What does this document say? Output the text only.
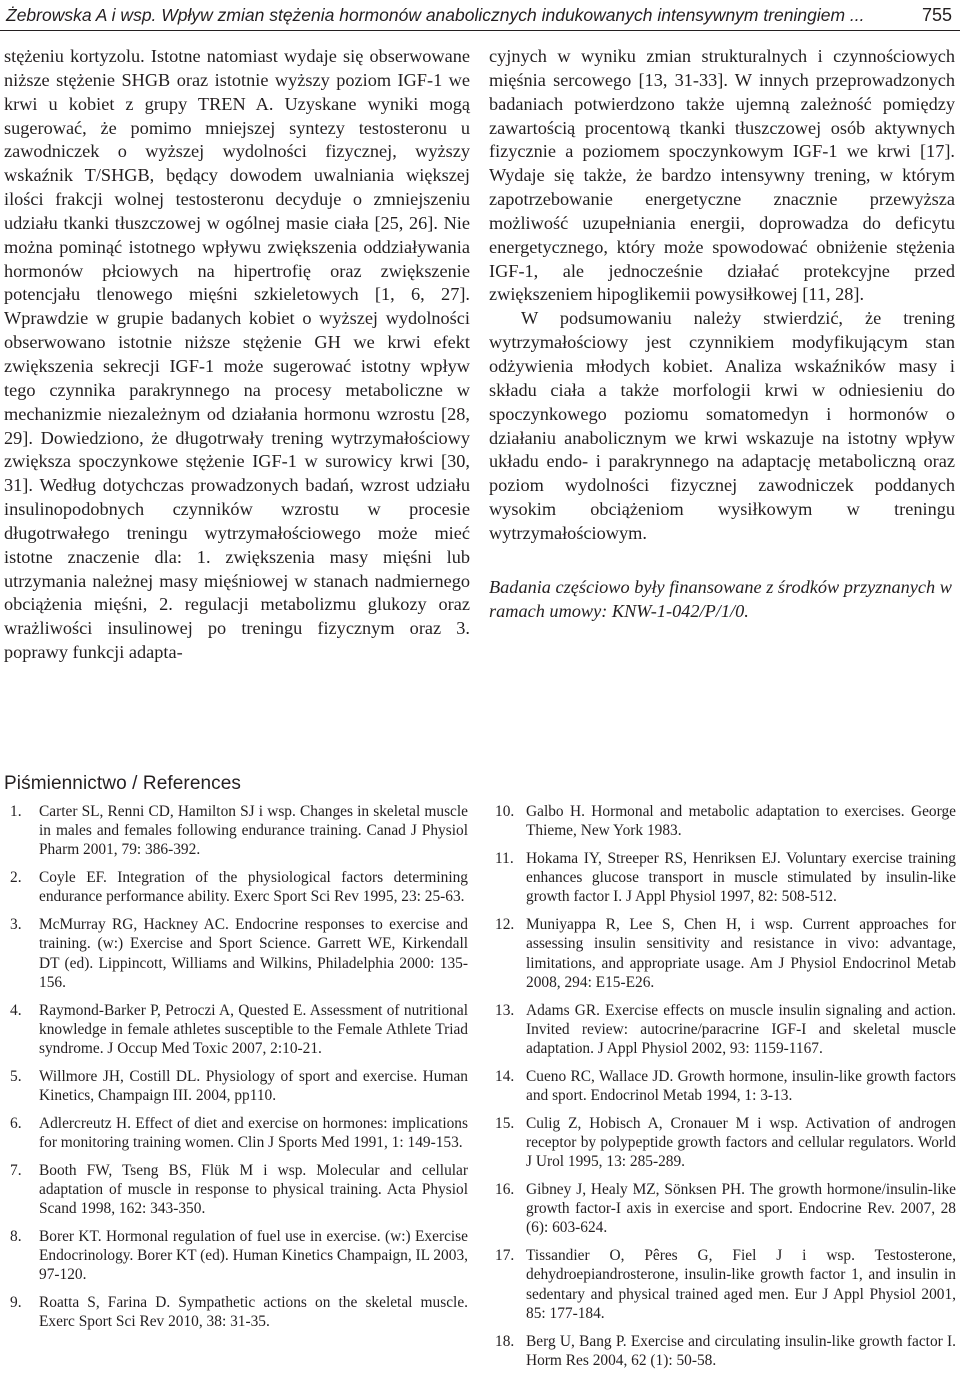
Żebrowska A i wsp. Wpływ zmian stężenia hormonów anabolicznych indukowanych intensywnym treningiem ...	755

stężeniu kortyzolu. Istotne natomiast wydaje się obserwowane niższe stężenie SHGB oraz istotnie wyższy poziom IGF-1 we krwi u kobiet z grupy TREN A. Uzyskane wyniki mogą sugerować, że pomimo mniejszej syntezy testosteronu u zawodniczek o wyższej wydolności fizycznej, wyższy wskaźnik T/SHGB, będący dowodem uwalniania większej ilości frakcji wolnej testosteronu decyduje o zmniejszeniu udziału tkanki tłuszczowej w ogólnej masie ciała [25, 26]. Nie można pominąć istotnego wpływu zwiększenia oddziaływania hormonów płciowych na hipertrofię oraz zwiększenie potencjału tlenowego mięśni szkieletowych [1, 6, 27]. Wprawdzie w grupie badanych kobiet o wyższej wydolności obserwowano istotnie niższe stężenie GH we krwi efekt zwiększenia sekrecji IGF-1 może sugerować istotny wpływ tego czynnika parakrynnego na procesy metaboliczne w mechanizmie niezależnym od działania hormonu wzrostu [28, 29]. Dowiedziono, że długotrwały trening wytrzymałościowy zwiększa spoczynkowe stężenie IGF-1 w surowicy krwi [30, 31]. Według dotychczas prowadzonych badań, wzrost udziału insulinopodobnych czynników wzrostu w procesie długotrwałego treningu wytrzymałościowego może mieć istotne znaczenie dla: 1. zwiększenia masy mięśni lub utrzymania należnej masy mięśniowej w stanach nadmiernego obciążenia mięśni, 2. regulacji metabolizmu glukozy oraz wrażliwości insulinowej po treningu fizycznym oraz 3. poprawy funkcji adapta-

cyjnych w wyniku zmian strukturalnych i czynnościowych mięśnia sercowego [13, 31-33]. W innych przeprowadzonych badaniach potwierdzono także ujemną zależność pomiędzy zawartością procentową tkanki tłuszczowej osób aktywnych fizycznie a poziomem spoczynkowym IGF-1 we krwi [17]. Wydaje się także, że bardzo intensywny trening, w którym zapotrzebowanie energetyczne znacznie przewyższa możliwość uzupełniania energii, doprowadza do deficytu energetycznego, który może spowodować obniżenie stężenia IGF-1, ale jednocześnie działać protekcyjne przed zwiększeniem hipoglikemii powysiłkowej [11, 28].

W podsumowaniu należy stwierdzić, że trening wytrzymałościowy jest czynnikiem modyfikującym stan odżywienia młodych kobiet. Analiza wskaźników masy i składu ciała a także morfologii krwi w odniesieniu do spoczynkowego poziomu somatomedyn i hormonów o działaniu anabolicznym we krwi wskazuje na istotny wpływ układu endo- i parakrynnego na adaptację metaboliczną oraz poziom wydolności fizycznej zawodniczek poddanych wysokim obciążeniom wysiłkowym w treningu wytrzymałościowym.

Badania częściowo były finansowane z środków przyznanych w ramach umowy: KNW-1-042/P/1/0.

Piśmiennictwo / References
1. Carter SL, Renni CD, Hamilton SJ i wsp. Changes in skeletal muscle in males and females following endurance training. Canad J Physiol Pharm 2001, 79: 386-392.
2. Coyle EF. Integration of the physiological factors determining endurance performance ability. Exerc Sport Sci Rev 1995, 23: 25-63.
3. McMurray RG, Hackney AC. Endocrine responses to exercise and training. (w:) Exercise and Sport Science. Garrett WE, Kirkendall DT (ed). Lippincott, Williams and Wilkins, Philadelphia 2000: 135-156.
4. Raymond-Barker P, Petroczi A, Quested E. Assessment of nutritional knowledge in female athletes susceptible to the Female Athlete Triad syndrome. J Occup Med Toxic 2007, 2:10-21.
5. Willmore JH, Costill DL. Physiology of sport and exercise. Human Kinetics, Champaign III. 2004, pp110.
6. Adlercreutz H. Effect of diet and exercise on hormones: implications for monitoring training women. Clin J Sports Med 1991, 1: 149-153.
7. Booth FW, Tseng BS, Flük M i wsp. Molecular and cellular adaptation of muscle in response to physical training. Acta Physiol Scand 1998, 162: 343-350.
8. Borer KT. Hormonal regulation of fuel use in exercise. (w:) Exercise Endocrinology. Borer KT (ed). Human Kinetics Champaign, IL 2003, 97-120.
9. Roatta S, Farina D. Sympathetic actions on the skeletal muscle. Exerc Sport Sci Rev 2010, 38: 31-35.
10. Galbo H. Hormonal and metabolic adaptation to exercises. George Thieme, New York 1983.
11. Hokama IY, Streeper RS, Henriksen EJ. Voluntary exercise training enhances glucose transport in muscle stimulated by insulin-like growth factor I. J Appl Physiol 1997, 82: 508-512.
12. Muniyappa R, Lee S, Chen H, i wsp. Current approaches for assessing insulin sensitivity and resistance in vivo: advantage, limitations, and appropriate usage. Am J Physiol Endocrinol Metab 2008, 294: E15-E26.
13. Adams GR. Exercise effects on muscle insulin signaling and action. Invited review: autocrine/paracrine IGF-I and skeletal muscle adaptation. J Appl Physiol 2002, 93: 1159-1167.
14. Cueno RC, Wallace JD. Growth hormone, insulin-like growth factors and sport. Endocrinol Metab 1994, 1: 3-13.
15. Culig Z, Hobisch A, Cronauer M i wsp. Activation of androgen receptor by polypeptide growth factors and cellular regulators. World J Urol 1995, 13: 285-289.
16. Gibney J, Healy MZ, Sönksen PH. The growth hormone/insulin-like growth factor-I axis in exercise and sport. Endocrine Rev. 2007, 28 (6): 603-624.
17. Tissandier O, Pêres G, Fiel J i wsp. Testosterone, dehydroepiandrosterone, insulin-like growth factor 1, and insulin in sedentary and physical trained aged men. Eur J Appl Physiol 2001, 85: 177-184.
18. Berg U, Bang P. Exercise and circulating insulin-like growth factor I. Horm Res 2004, 62 (1): 50-58.
